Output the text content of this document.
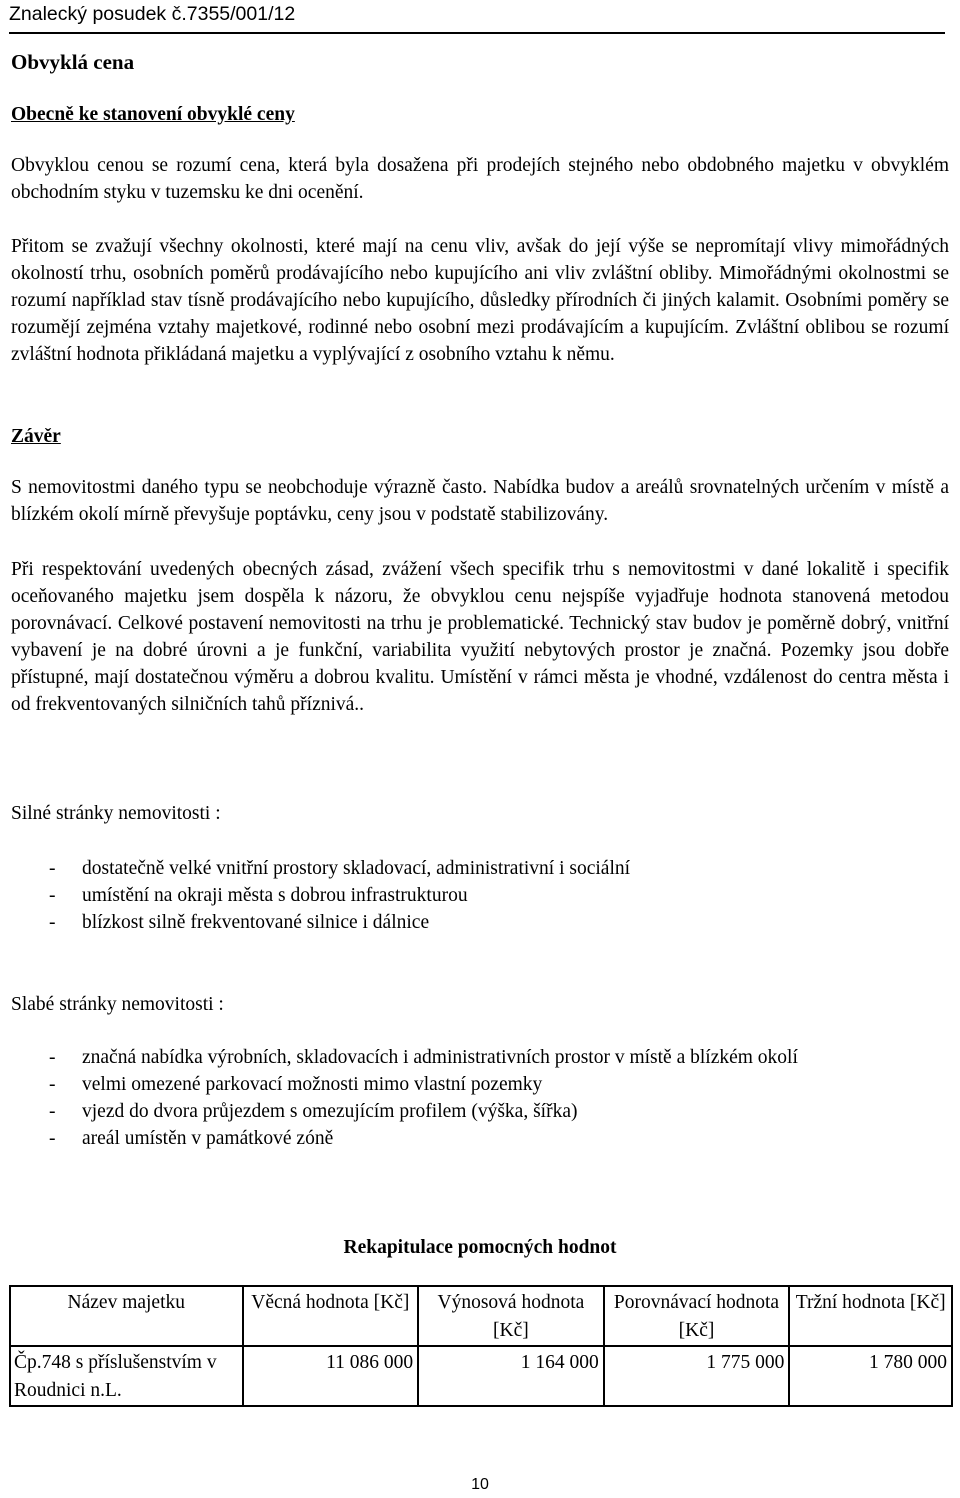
Znalecký posudek č.7355/001/12
Obvyklá cena
Obecně ke stanovení obvyklé ceny

Obvyklou cenou se rozumí cena, která byla dosažena při prodejích stejného nebo obdobného majetku v obvyklém obchodním styku v tuzemsku ke dni ocenění.

Přitom se zvažují všechny okolnosti, které mají na cenu vliv, avšak do její výše se nepromítají vlivy mimořádných okolností trhu, osobních poměrů prodávajícího nebo kupujícího ani vliv zvláštní obliby. Mimořádnými okolnostmi se rozumí například stav tísně prodávajícího nebo kupujícího, důsledky přírodních či jiných kalamit. Osobními poměry se rozumějí zejména vztahy majetkové, rodinné nebo osobní mezi prodávajícím a kupujícím. Zvláštní oblibou se rozumí zvláštní hodnota přikládaná majetku a vyplývající z osobního vztahu k němu.

Závěr

S nemovitostmi daného typu se neobchoduje výrazně často. Nabídka budov a areálů srovnatelných určením v místě a blízkém okolí mírně převyšuje poptávku, ceny jsou v podstatě stabilizovány.

Při respektování uvedených obecných zásad, zvážení všech specifik trhu s nemovitostmi v dané lokalitě i specifik oceňovaného majetku jsem dospěla k názoru, že obvyklou cenu nejspíše vyjadřuje hodnota stanovená metodou porovnávací. Celkové postavení nemovitosti na trhu je problematické. Technický stav budov je poměrně dobrý, vnitřní vybavení je na dobré úrovni a je funkční, variabilita využití nebytových prostor je značná. Pozemky jsou dobře přístupné, mají dostatečnou výměru a dobrou kvalitu. Umístění v rámci města je vhodné, vzdálenost do centra města i od frekventovaných silničních tahů příznivá..

Silné stránky nemovitosti :
- dostatečně velké vnitřní prostory skladovací, administrativní i sociální
- umístění na okraji města s dobrou infrastrukturou
- blízkost silně frekventované silnice i dálnice
Slabé stránky nemovitosti :
- značná nabídka výrobních, skladovacích i administrativních prostor v místě a blízkém okolí
- velmi omezené parkovací možnosti mimo vlastní pozemky
- vjezd do dvora průjezdem s omezujícím profilem (výška, šířka)
- areál umístěn v památkové zóně
Rekapitulace pomocných hodnot
Název majetku	Věcná hodnota [Kč]	Výnosová hodnota [Kč]	Porovnávací hodnota [Kč]	Tržní hodnota [Kč]
Čp.748 s příslušenstvím v Roudnici n.L.	11 086 000	1 164 000	1 775 000	1 780 000
10
